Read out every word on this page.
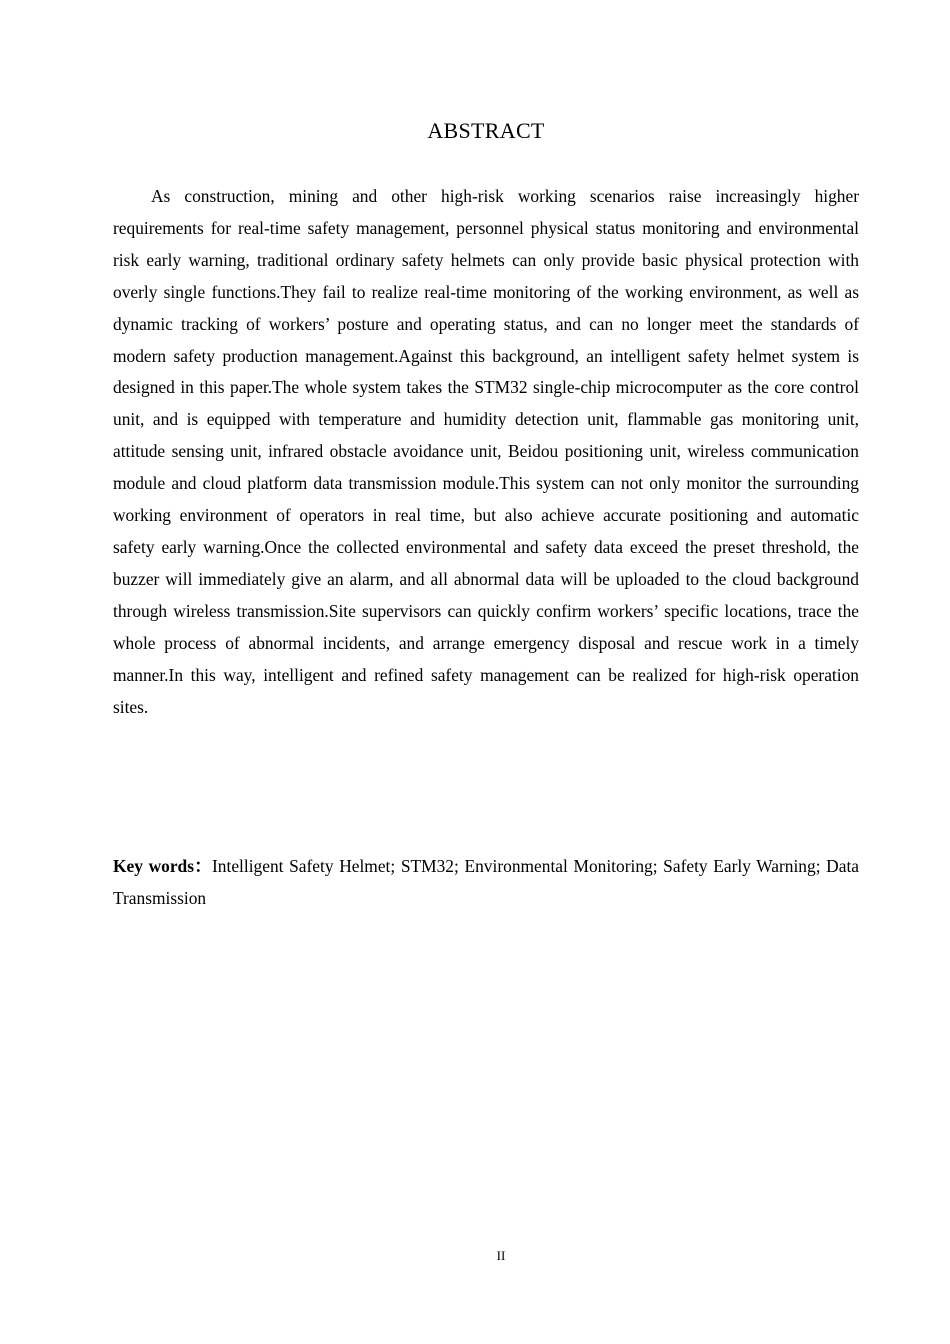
ABSTRACT

As construction, mining and other high-risk working scenarios raise increasingly higher requirements for real-time safety management, personnel physical status monitoring and environmental risk early warning, traditional ordinary safety helmets can only provide basic physical protection with overly single functions.They fail to realize real-time monitoring of the working environment, as well as dynamic tracking of workers’ posture and operating status, and can no longer meet the standards of modern safety production management.Against this background, an intelligent safety helmet system is designed in this paper.The whole system takes the STM32 single-chip microcomputer as the core control unit, and is equipped with temperature and humidity detection unit, flammable gas monitoring unit, attitude sensing unit, infrared obstacle avoidance unit, Beidou positioning unit, wireless communication module and cloud platform data transmission module.This system can not only monitor the surrounding working environment of operators in real time, but also achieve accurate positioning and automatic safety early warning.Once the collected environmental and safety data exceed the preset threshold, the buzzer will immediately give an alarm, and all abnormal data will be uploaded to the cloud background through wireless transmission.Site supervisors can quickly confirm workers’ specific locations, trace the whole process of abnormal incidents, and arrange emergency disposal and rescue work in a timely manner.In this way, intelligent and refined safety management can be realized for high-risk operation sites.

Key words：Intelligent Safety Helmet; STM32; Environmental Monitoring; Safety Early Warning; Data Transmission

II
